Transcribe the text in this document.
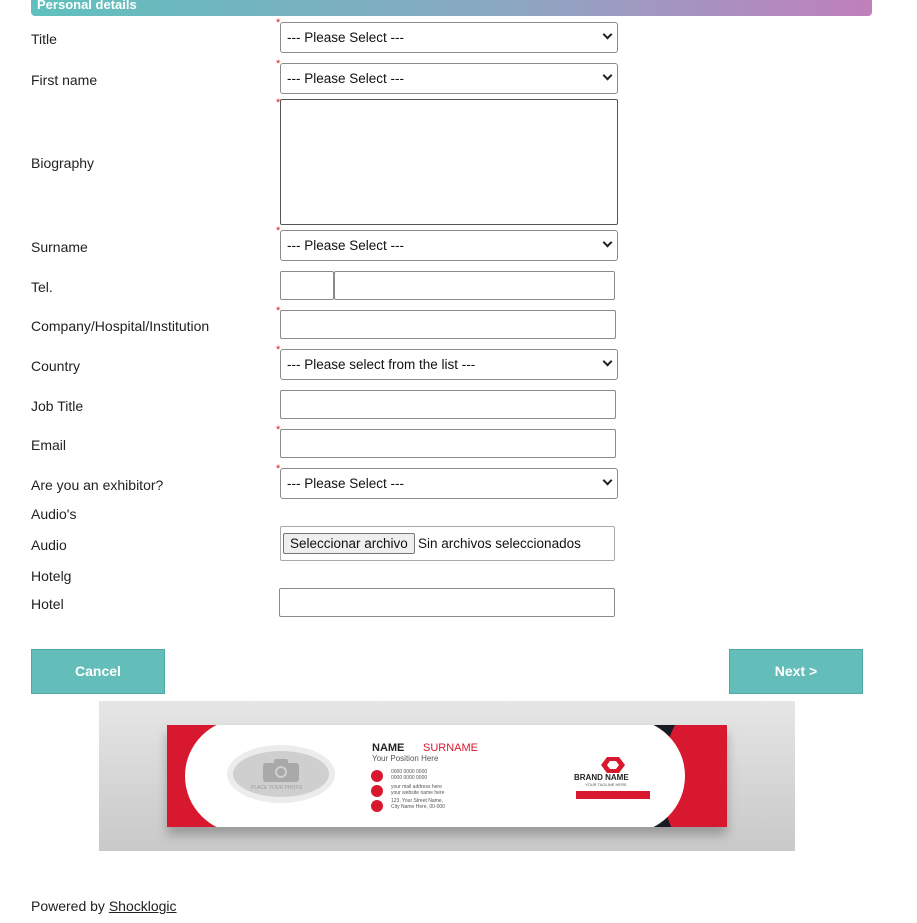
Personal details
Title
*
--- Please Select ---
First name
*
--- Please Select ---
Biography
*
Surname
*
--- Please Select ---
Tel.
Company/Hospital/Institution
*
Country
*
--- Please select from the list ---
Job Title
Email
*
Are you an exhibitor?
*
--- Please Select ---
Audio's
Audio	Seleccionar archivo Sin archivos seleccionados
Hotelg
Hotel
Cancel	Next >
PLACE YOUR PHOTO
NAME SURNAME
Your Position Here
0000 0000 0000
0000 0000 0000
your mail address here
your website name here
123, Your Street Name,
City Name Here, 00-000
BRAND NAME
YOUR TAGLINE HERE
Powered by Shocklogic
